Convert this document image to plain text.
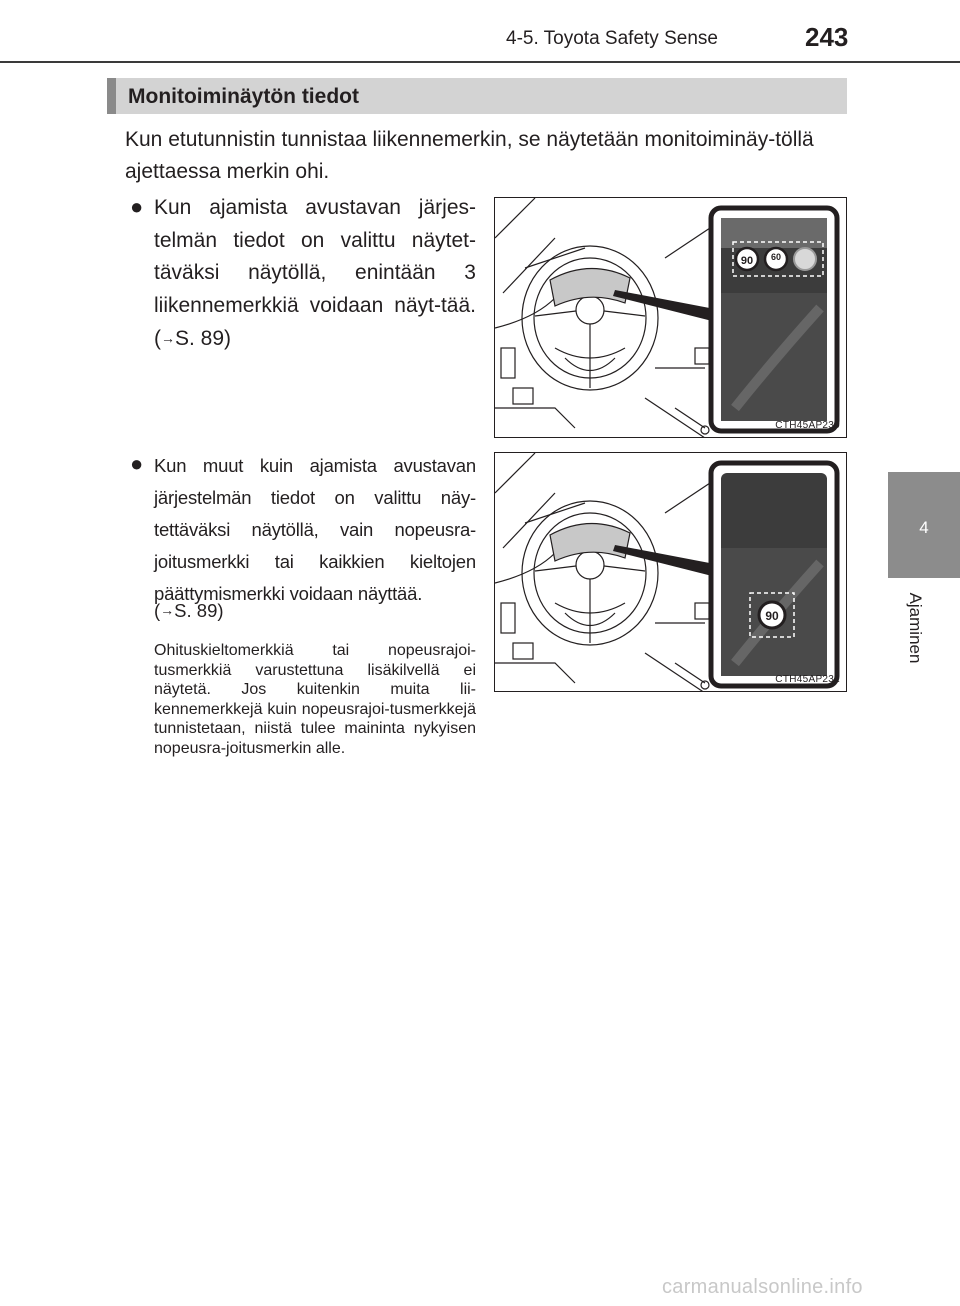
4-5. Toyota Safety Sense	243
4
Ajaminen
Monitoiminäytön tiedot
Kun etutunnistin tunnistaa liikennemerkin, se näytetään monitoiminäy-töllä ajettaessa merkin ohi.
● Kun ajamista avustavan järjes-telmän tiedot on valittu näytet-täväksi näytöllä, enintään 3 liikennemerkkiä voidaan näyt-tää. (→S. 89)
90 60
CTH45AP230
● Kun muut kuin ajamista avustavan järjestelmän tiedot on valittu näy-tettäväksi näytöllä, vain nopeusra-joitusmerkki tai kaikkien kieltojen päättymismerkki voidaan näyttää.
(→S. 89)
Ohituskieltomerkkiä tai nopeusrajoi-tusmerkkiä varustettuna lisäkilvellä ei näytetä. Jos kuitenkin muita lii-kennemerkkejä kuin nopeusrajoi-tusmerkkejä tunnistetaan, niistä tulee maininta nykyisen nopeusra-joitusmerkin alle.
90
CTH45AP231
carmanualsonline.info
